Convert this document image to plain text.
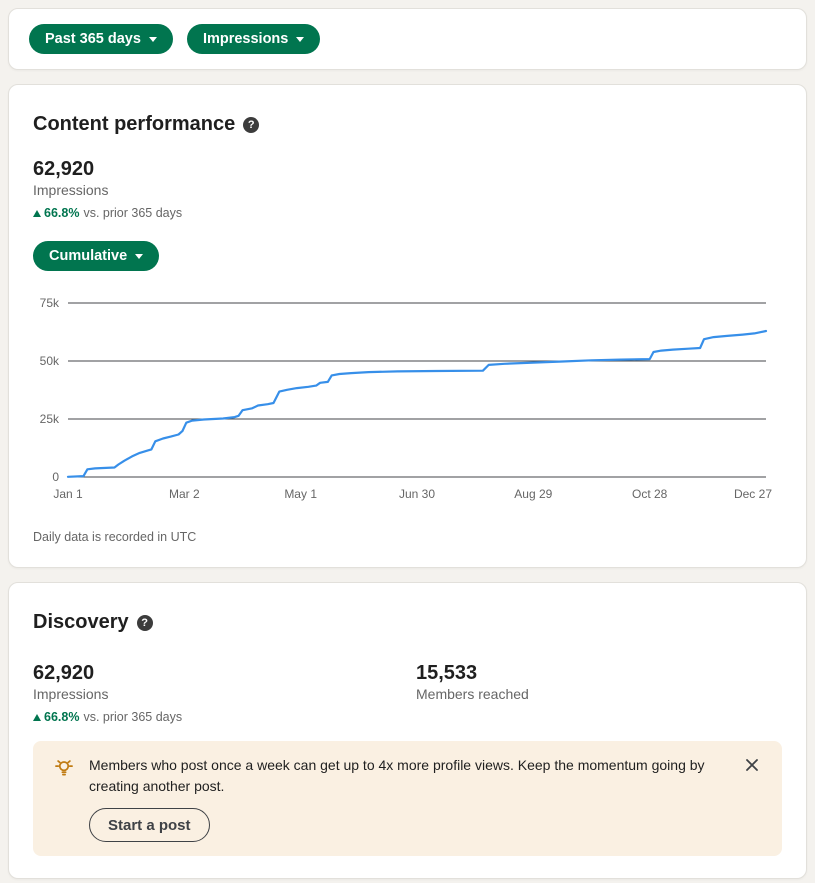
Past 365 days	Impressions
Content performance	?
62,920
Impressions
66.8% vs. prior 365 days
Cumulative
0
25k
50k
75k
Jan 1	Mar 2	May 1	Jun 30	Aug 29	Oct 28	Dec 27
Daily data is recorded in UTC
Discovery	?
62,920
Impressions
66.8% vs. prior 365 days
15,533
Members reached
Members who post once a week can get up to 4x more profile views. Keep the momentum going by creating another post.
Start a post
